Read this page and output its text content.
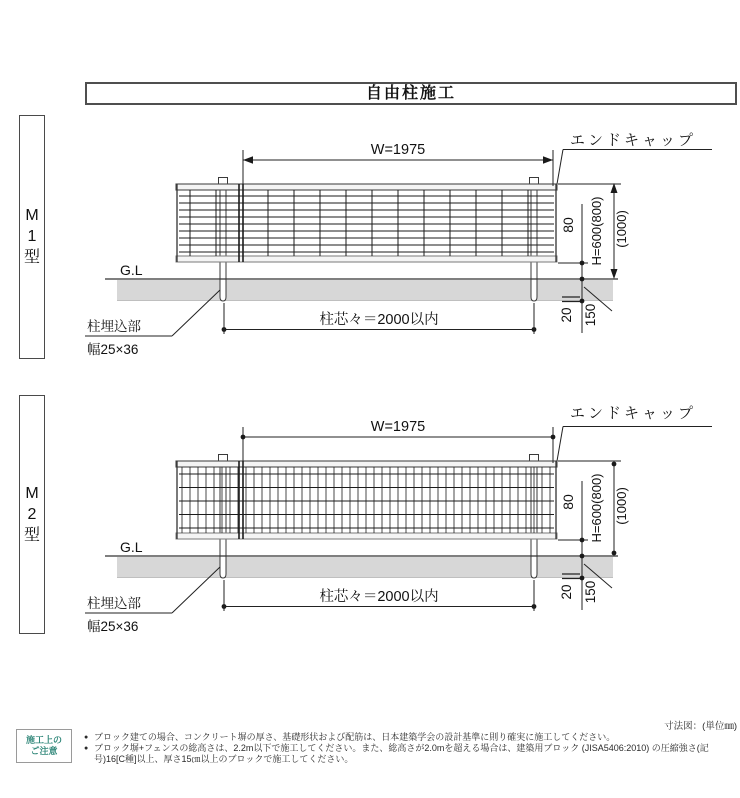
W=1975
エンドキャップ
G.L
柱埋込部
幅25×36
柱芯々＝2000以内
80 H=600(800) (1000)
20 150
W=1975
エンドキャップ
G.L
柱埋込部
幅25×36
柱芯々＝2000以内
80 H=600(800) (1000)
20 150
自由柱施工
M
1
型
M
2
型
施工上の
ご注意
● ブロック建ての場合、コンクリート塀の厚さ、基礎形状および配筋は、日本建築学会の設計基準に則り確実に施工してください。
● ブロック塀+フェンスの総高さは、2.2m以下で施工してください。また、総高さが2.0mを超える場合は、建築用ブロック (JISA5406:2010) の圧縮強さ(記号)16[C種]以上、厚さ15㎝以上のブロックで施工してください。
寸法図：(単位㎜)
